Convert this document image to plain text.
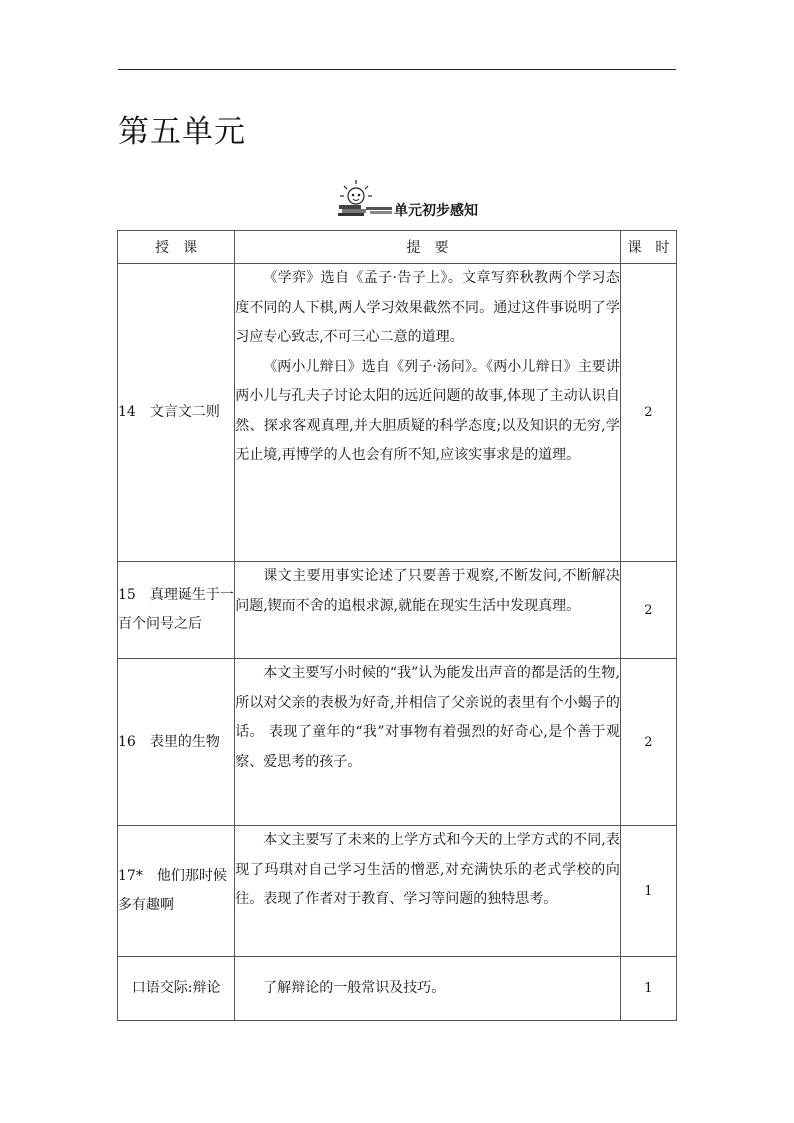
第五单元
单元初步感知
授　课	提　要	课　时
14　文言文二则	《学弈》选自《孟子·告子上》。文章写弈秋教两个学习态度不同的人下棋,两人学习效果截然不同。通过这件事说明了学习应专心致志,不可三心二意的道理。

《两小儿辩日》选自《列子·汤问》。《两小儿辩日》主要讲两小儿与孔夫子讨论太阳的远近问题的故事,体现了主动认识自然、探求客观真理,并大胆质疑的科学态度;以及知识的无穷,学无止境,再博学的人也会有所不知,应该实事求是的道理。	2
15　真理诞生于一百个问号之后	课文主要用事实论述了只要善于观察,不断发问,不断解决问题,锲而不舍的追根求源,就能在现实生活中发现真理。	2
16　表里的生物	本文主要写小时候的“我”认为能发出声音的都是活的生物,所以对父亲的表极为好奇,并相信了父亲说的表里有个小蝎子的话。 表现了童年的“我”对事物有着强烈的好奇心,是个善于观察、爱思考的孩子。	2
17*　他们那时候多有趣啊	本文主要写了未来的上学方式和今天的上学方式的不同,表现了玛琪对自己学习生活的憎恶,对充满快乐的老式学校的向往。表现了作者对于教育、学习等问题的独特思考。	1
口语交际:辩论	了解辩论的一般常识及技巧。	1
